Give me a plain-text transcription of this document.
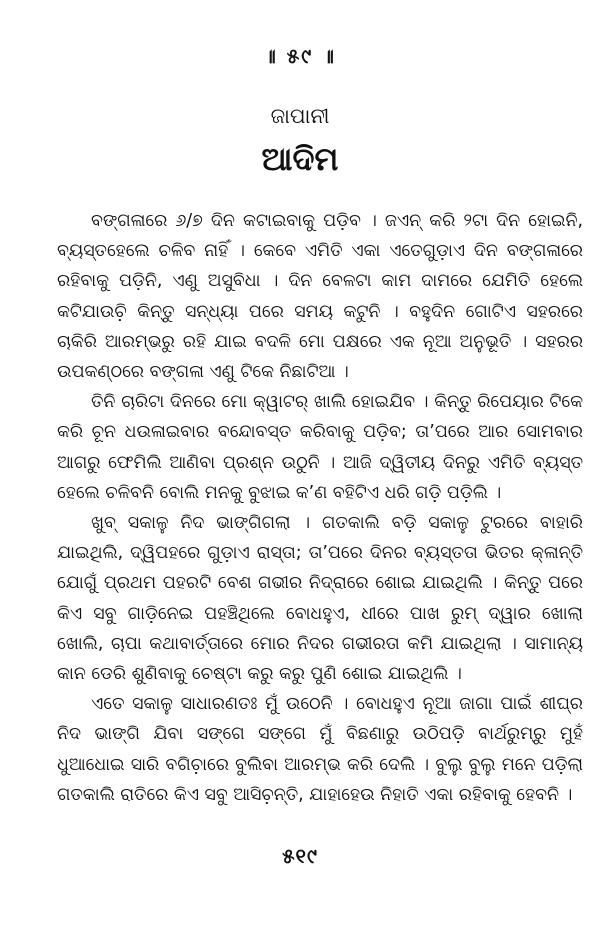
॥ ୫୯ ॥
ଜାପାନୀ
ଆଦିମ

ବଙ୍ଗଳାରେ ୬/୭ ଦିନ କଟାଇବାକୁ ପଡ଼ିବ । ଜଏନ୍ କରି ୨ଟା ଦିନ ହୋଇନି, ବ୍ୟସ୍ତହେଲେ ଚଳିବ ନାହିଁ । କେବେ ଏମିତି ଏକା ଏତେଗୁଡ଼ାଏ ଦିନ ବଙ୍ଗଳାରେ ରହିବାକୁ ପଡ଼ିନି, ଏଣୁ ଅସୁବିଧା । ଦିନ ବେଳଟା କାମ ଦାମରେ ଯେମିତି ହେଲେ କଟିଯାଉଚ଼ି କିନ୍ତୁ ସନ୍ଧ୍ୟା ପରେ ସମୟ କଟୁନି । ବହୁଦିନ ଗୋଟିଏ ସହରରେ ଚାକିରି ଆରମ୍ଭରୁ ରହି ଯାଇ ବଦଳି ମୋ ପକ୍ଷରେ ଏକ ନୂଆ ଅନୁଭୂତି । ସହରର ଉପକଣ୍ଠରେ ବଙ୍ଗଳା ଏଣୁ ଟିକେ ନିଛାଟିଆ ।

ତିନି ଚାରିଟା ଦିନରେ ମୋ କ୍ୱାଟର୍ ଖାଲି ହୋଇଯିବ । କିନ୍ତୁ ରିପେୟାର ଟିକେ କରି ଚୂନ ଧଉଳାଇବାର ବନ୍ଦୋବସ୍ତ କରିବାକୁ ପଡ଼ିବ; ତା’ପରେ ଆର ସୋମବାର ଆଗରୁ ଫେମିଲି ଆଣିବା ପ୍ରଶ୍ନ ଉଠୁନି । ଆଜି ଦ୍ୱିତୀୟ ଦିନରୁ ଏମିତି ବ୍ୟସ୍ତ ହେଲେ ଚଳିବନି ବୋଲି ମନକୁ ବୁଝାଇ କ’ଣ ବହିଟିଏ ଧରି ଗଡ଼ି ପଡ଼ିଲି ।

ଖୁବ୍ ସକାଳୁ ନିଦ ଭାଙ୍ଗିଗଲା । ଗତକାଲି ବଡ଼ି ସକାଳୁ ଟୁରରେ ବାହାରି ଯାଇଥିଲି, ଦ୍ୱିପହରେ ଗୁଡ଼ାଏ ରାସ୍ତା; ତା’ପରେ ଦିନର ବ୍ୟସ୍ତତା ଭିତର କ୍ଳାନ୍ତି ଯୋଗୁଁ ପ୍ରଥମ ପହରଟି ବେଶ ଗଭୀର ନିଦ୍ରାରେ ଶୋଇ ଯାଇଥିଲି । କିନ୍ତୁ ପରେ କିଏ ସବୁ ଗାଡ଼ିନେଇ ପହଞ୍ଚିଥିଲେ ବୋଧହୁଏ, ଧୀରେ ପାଖ ରୁମ୍ ଦ୍ୱାର ଖୋଲା ଖୋଲି, ଚାପା କଥାବାର୍ତ୍ତାରେ ମୋର ନିଦର ଗଭୀରତା କମି ଯାଇଥିଲା । ସାମାନ୍ୟ କାନ ଡେରି ଶୁଣିବାକୁ ଚେଷ୍ଟା କରୁ କରୁ ପୁଣି ଶୋଇ ଯାଇଥିଲି ।

ଏତେ ସକାଳୁ ସାଧାରଣତଃ ମୁଁ ଉଠେନି । ବୋଧହୁଏ ନୂଆ ଜାଗା ପାଇଁ ଶୀଘ୍ର ନିଦ ଭାଙ୍ଗି ଯିବା ସଙ୍ଗେ ସଙ୍ଗେ ମୁଁ ବିଛଣାରୁ ଉଠିପଡ଼ି ବାର୍ଥରୁମ୍‌ରୁ ମୁହଁ ଧୁଆଧୋଇ ସାରି ବଗିଚ଼ାରେ ବୁଲିବା ଆରମ୍ଭ କରି ଦେଲି । ବୁଲୁ ବୁଲୁ ମନେ ପଡ଼ିଲା ଗତକାଲି ରାତିରେ କିଏ ସବୁ ଆସିଚ଼ନ୍ତି, ଯାହାହେଉ ନିହାତି ଏକା ରହିବାକୁ ହେବନି ।

୫୧୯
